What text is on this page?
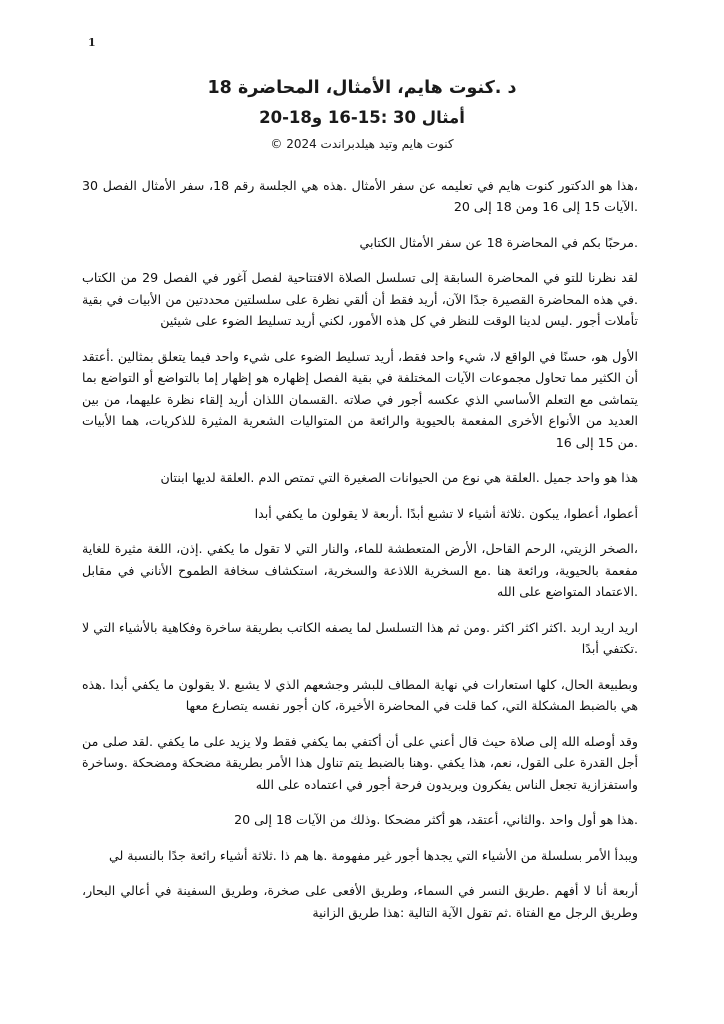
1
د .كنوت هايم، الأمثال، المحاضرة 18
أمثال 30 :15-16 و18-20
كنوت هايم وتيد هيلدبراندت 2024 ©

،هذا هو الدكتور كنوت هايم في تعليمه عن سفر الأمثال .هذه هي الجلسة رقم 18، سفر الأمثال الفصل 30 .الآيات 15 إلى 16 ومن 18 إلى 20

.مرحبًا بكم في المحاضرة 18 عن سفر الأمثال الكتابي

لقد نظرنا للتو في المحاضرة السابقة إلى تسلسل الصلاة الافتتاحية لفصل آغور في الفصل 29 من الكتاب .في هذه المحاضرة القصيرة جدًا الآن، أريد فقط أن ألقي نظرة على سلسلتين محددتين من الأبيات في بقية تأملات أجور .ليس لدينا الوقت للنظر في كل هذه الأمور، لكني أريد تسليط الضوء على شيئين

الأول هو، حسنًا في الواقع لا، شيء واحد فقط، أريد تسليط الضوء على شيء واحد فيما يتعلق بمثالين .أعتقد أن الكثير مما تحاول مجموعات الآيات المختلفة في بقية الفصل إظهاره هو إظهار إما بالتواضع أو التواضع بما يتماشى مع التعلم الأساسي الذي عكسه أجور في صلاته .القسمان اللذان أريد إلقاء نظرة عليهما، من بين العديد من الأنواع الأخرى المفعمة بالحيوية والرائعة من المتواليات الشعرية المثيرة للذكريات، هما الأبيات .من 15 إلى 16

هذا هو واحد جميل .العلقة هي نوع من الحيوانات الصغيرة التي تمتص الدم .العلقة لديها ابنتان

أعطوا، أعطوا، يبكون .ثلاثة أشياء لا تشبع أبدًا .أربعة لا يقولون ما يكفي أبدا

،الصخر الزيتي، الرحم القاحل، الأرض المتعطشة للماء، والنار التي لا تقول ما يكفي .إذن، اللغة مثيرة للغاية مفعمة بالحيوية، ورائعة هنا .مع السخرية اللاذعة والسخرية، استكشاف سخافة الطموح الأناني في مقابل .الاعتماد المتواضع على الله

اريد اريد اربد .اكثر اكثر اكثر .ومن ثم هذا التسلسل لما يصفه الكاتب بطريقة ساخرة وفكاهية بالأشياء التي لا .تكتفي أبدًا

وبطبيعة الحال، كلها استعارات في نهاية المطاف للبشر وجشعهم الذي لا يشبع .لا يقولون ما يكفي أبدا .هذه هي بالضبط المشكلة التي، كما قلت في المحاضرة الأخيرة، كان أجور نفسه يتصارع معها

وقد أوصله الله إلى صلاة حيث قال أعني على أن أكتفي بما يكفي فقط ولا يزيد على ما يكفي .لقد صلى من أجل القدرة على القول، نعم، هذا يكفي .وهنا بالضبط يتم تناول هذا الأمر بطريقة مضحكة ومضحكة .وساخرة واستفزازية تجعل الناس يفكرون ويريدون فرحة أجور في اعتماده على الله

.هذا هو أول واحد .والثاني، أعتقد، هو أكثر مضحكا .وذلك من الآيات 18 إلى 20

ويبدأ الأمر بسلسلة من الأشياء التي يجدها أجور غير مفهومة .ها هم ذا .ثلاثة أشياء رائعة جدًا بالنسبة لي

أربعة أنا لا أفهم .طريق النسر في السماء، وطريق الأفعى على صخرة، وطريق السفينة في أعالي البحار، وطريق الرجل مع الفتاة .ثم تقول الآية التالية :هذا طريق الزانية
